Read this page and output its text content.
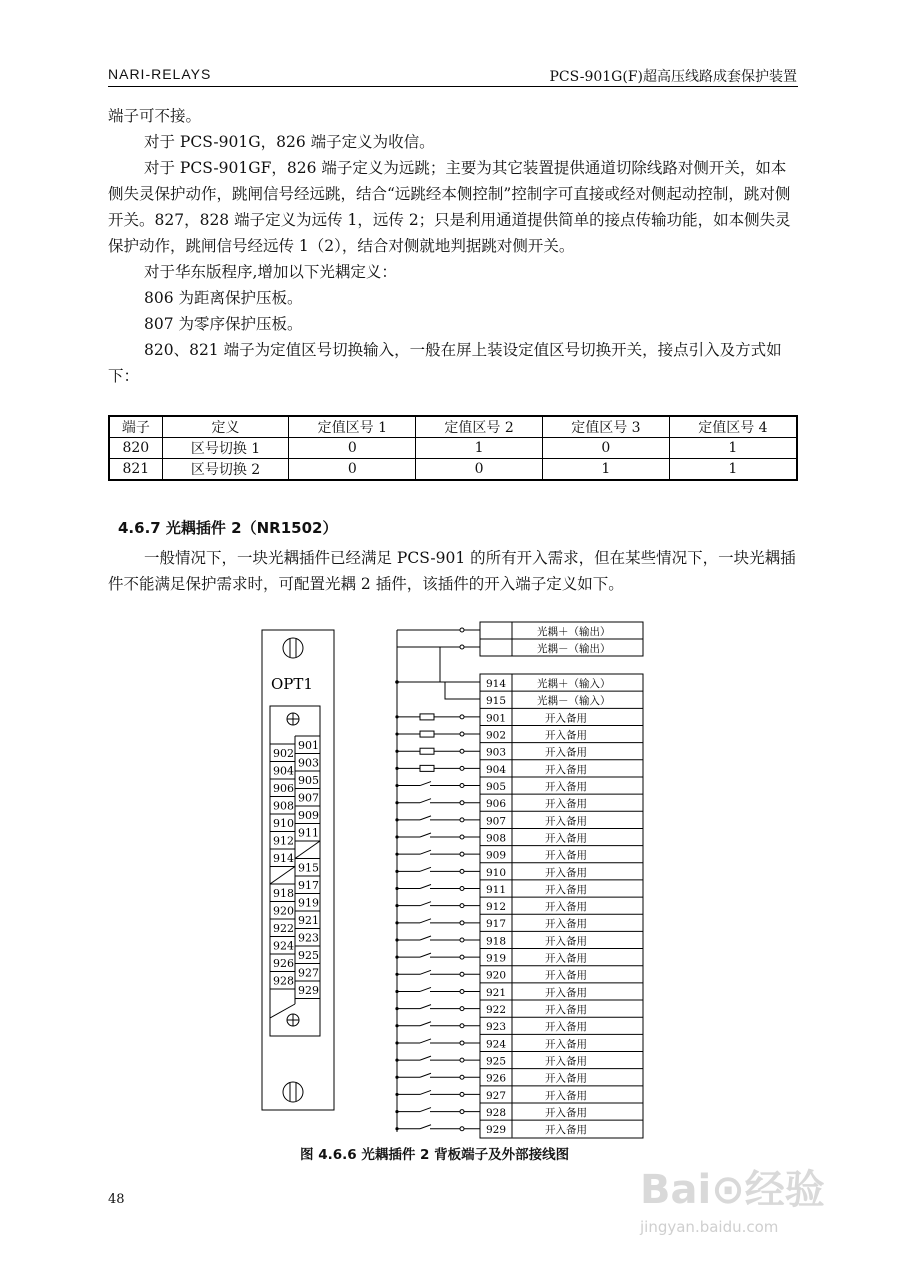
NARI-RELAYS	PCS-901G(F)超高压线路成套保护装置

端子可不接。

对于 PCS-901G，826 端子定义为收信。

对于 PCS-901GF，826 端子定义为远跳；主要为其它装置提供通道切除线路对侧开关，如本侧失灵保护动作，跳闸信号经远跳，结合“远跳经本侧控制”控制字可直接或经对侧起动控制，跳对侧开关。827，828 端子定义为远传 1，远传 2；只是利用通道提供简单的接点传输功能，如本侧失灵保护动作，跳闸信号经远传 1（2），结合对侧就地判据跳对侧开关。

对于华东版程序,增加以下光耦定义：

806 为距离保护压板。

807 为零序保护压板。

820、821 端子为定值区号切换输入，一般在屏上装设定值区号切换开关，接点引入及方式如下：

端子	定义	定值区号 1	定值区号 2	定值区号 3	定值区号 4
820	区号切换 1	0	1	0	1
821	区号切换 2	0	0	1	1
4.6.7 光耦插件 2（NR1502）
一般情况下，一块光耦插件已经满足 PCS-901 的所有开入需求，但在某些情况下，一块光耦插件不能满足保护需求时，可配置光耦 2 插件，该插件的开入端子定义如下。
OPT1
902
904
906
908
910
912
914
918
920
922
924
926
928
901
903
905
907
909
911
915
917
919
921
923
925
927
929
光耦＋（输出）
光耦－（输出）
914	光耦＋（输入）
915	光耦－（输入）
901	开入备用
902	开入备用
903	开入备用
904	开入备用
905	开入备用
906	开入备用
907	开入备用
908	开入备用
909	开入备用
910	开入备用
911	开入备用
912	开入备用
917	开入备用
918	开入备用
919	开入备用
920	开入备用
921	开入备用
922	开入备用
923	开入备用
924	开入备用
925	开入备用
926	开入备用
927	开入备用
928	开入备用
929	开入备用
图 4.6.6 光耦插件 2 背板端子及外部接线图
48	Bai⊙经验
jingyan.baidu.com
